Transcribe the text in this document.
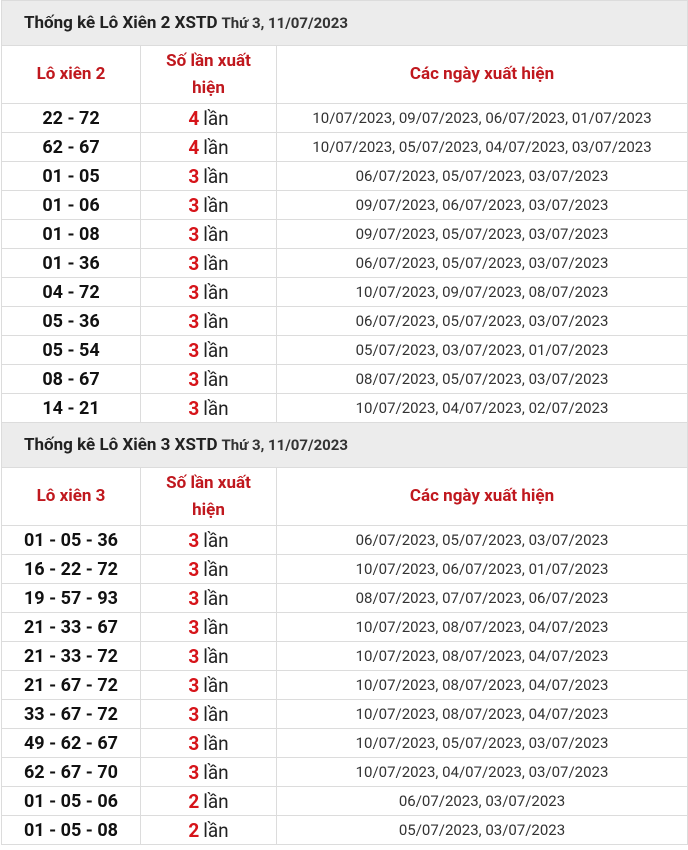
Thống kê Lô Xiên 2 XSTD Thứ 3, 11/07/2023		
Lô xiên 2	Số lần xuất hiện	Các ngày xuất hiện
22 - 72	4 lần	10/07/2023, 09/07/2023, 06/07/2023, 01/07/2023
62 - 67	4 lần	10/07/2023, 05/07/2023, 04/07/2023, 03/07/2023
01 - 05	3 lần	06/07/2023, 05/07/2023, 03/07/2023
01 - 06	3 lần	09/07/2023, 06/07/2023, 03/07/2023
01 - 08	3 lần	09/07/2023, 05/07/2023, 03/07/2023
01 - 36	3 lần	06/07/2023, 05/07/2023, 03/07/2023
04 - 72	3 lần	10/07/2023, 09/07/2023, 08/07/2023
05 - 36	3 lần	06/07/2023, 05/07/2023, 03/07/2023
05 - 54	3 lần	05/07/2023, 03/07/2023, 01/07/2023
08 - 67	3 lần	08/07/2023, 05/07/2023, 03/07/2023
14 - 21	3 lần	10/07/2023, 04/07/2023, 02/07/2023
Thống kê Lô Xiên 3 XSTD Thứ 3, 11/07/2023		
Lô xiên 3	Số lần xuất hiện	Các ngày xuất hiện
01 - 05 - 36	3 lần	06/07/2023, 05/07/2023, 03/07/2023
16 - 22 - 72	3 lần	10/07/2023, 06/07/2023, 01/07/2023
19 - 57 - 93	3 lần	08/07/2023, 07/07/2023, 06/07/2023
21 - 33 - 67	3 lần	10/07/2023, 08/07/2023, 04/07/2023
21 - 33 - 72	3 lần	10/07/2023, 08/07/2023, 04/07/2023
21 - 67 - 72	3 lần	10/07/2023, 08/07/2023, 04/07/2023
33 - 67 - 72	3 lần	10/07/2023, 08/07/2023, 04/07/2023
49 - 62 - 67	3 lần	10/07/2023, 05/07/2023, 03/07/2023
62 - 67 - 70	3 lần	10/07/2023, 04/07/2023, 03/07/2023
01 - 05 - 06	2 lần	06/07/2023, 03/07/2023
01 - 05 - 08	2 lần	05/07/2023, 03/07/2023
